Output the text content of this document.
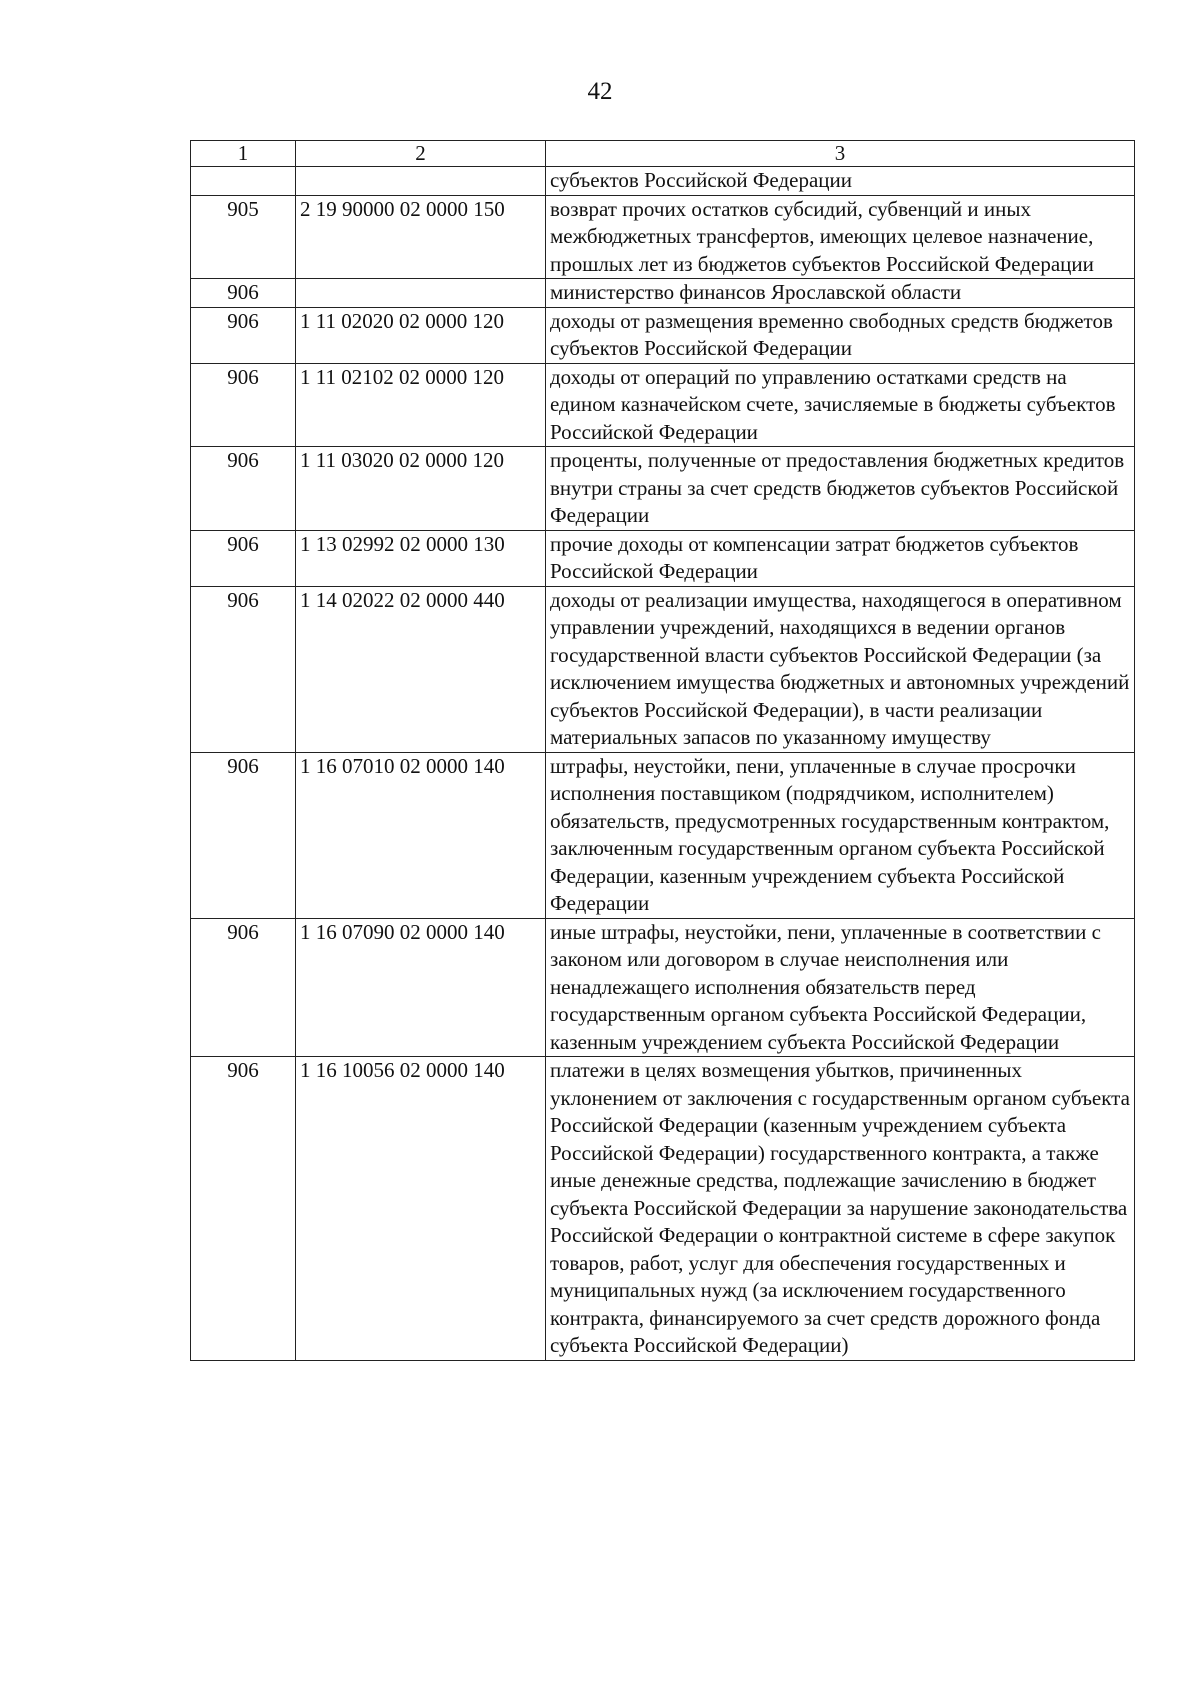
42
1	2	3
		субъектов Российской Федерации
905	2 19 90000 02 0000 150	возврат прочих остатков субсидий, субвенций и иных межбюджетных трансфертов, имеющих целевое назначение, прошлых лет из бюджетов субъектов Российской Федерации
906		министерство финансов Ярославской области
906	1 11 02020 02 0000 120	доходы от размещения временно свободных средств бюджетов субъектов Российской Федерации
906	1 11 02102 02 0000 120	доходы от операций по управлению остатками средств на едином казначейском счете, зачисляемые в бюджеты субъектов Российской Федерации
906	1 11 03020 02 0000 120	проценты, полученные от предоставления бюджетных кредитов внутри страны за счет средств бюджетов субъектов Российской Федерации
906	1 13 02992 02 0000 130	прочие доходы от компенсации затрат бюджетов субъектов Российской Федерации
906	1 14 02022 02 0000 440	доходы от реализации имущества, находящегося в оперативном управлении учреждений, находящихся в ведении органов государственной власти субъектов Российской Федерации (за исключением имущества бюджетных и автономных учреждений субъектов Российской Федерации), в части реализации материальных запасов по указанному имуществу
906	1 16 07010 02 0000 140	штрафы, неустойки, пени, уплаченные в случае просрочки исполнения поставщиком (подрядчиком, исполнителем) обязательств, предусмотренных государственным контрактом, заключенным государственным органом субъекта Российской Федерации, казенным учреждением субъекта Российской Федерации
906	1 16 07090 02 0000 140	иные штрафы, неустойки, пени, уплаченные в соответствии с законом или договором в случае неисполнения или ненадлежащего исполнения обязательств перед государственным органом субъекта Российской Федерации, казенным учреждением субъекта Российской Федерации
906	1 16 10056 02 0000 140	платежи в целях возмещения убытков, причиненных уклонением от заключения с государственным органом субъекта Российской Федерации (казенным учреждением субъекта Российской Федерации) государственного контракта, а также иные денежные средства, подлежащие зачислению в бюджет субъекта Российской Федерации за нарушение законодательства Российской Федерации о контрактной системе в сфере закупок товаров, работ, услуг для обеспечения государственных и муниципальных нужд (за исключением государственного контракта, финансируемого за счет средств дорожного фонда субъекта Российской Федерации)
